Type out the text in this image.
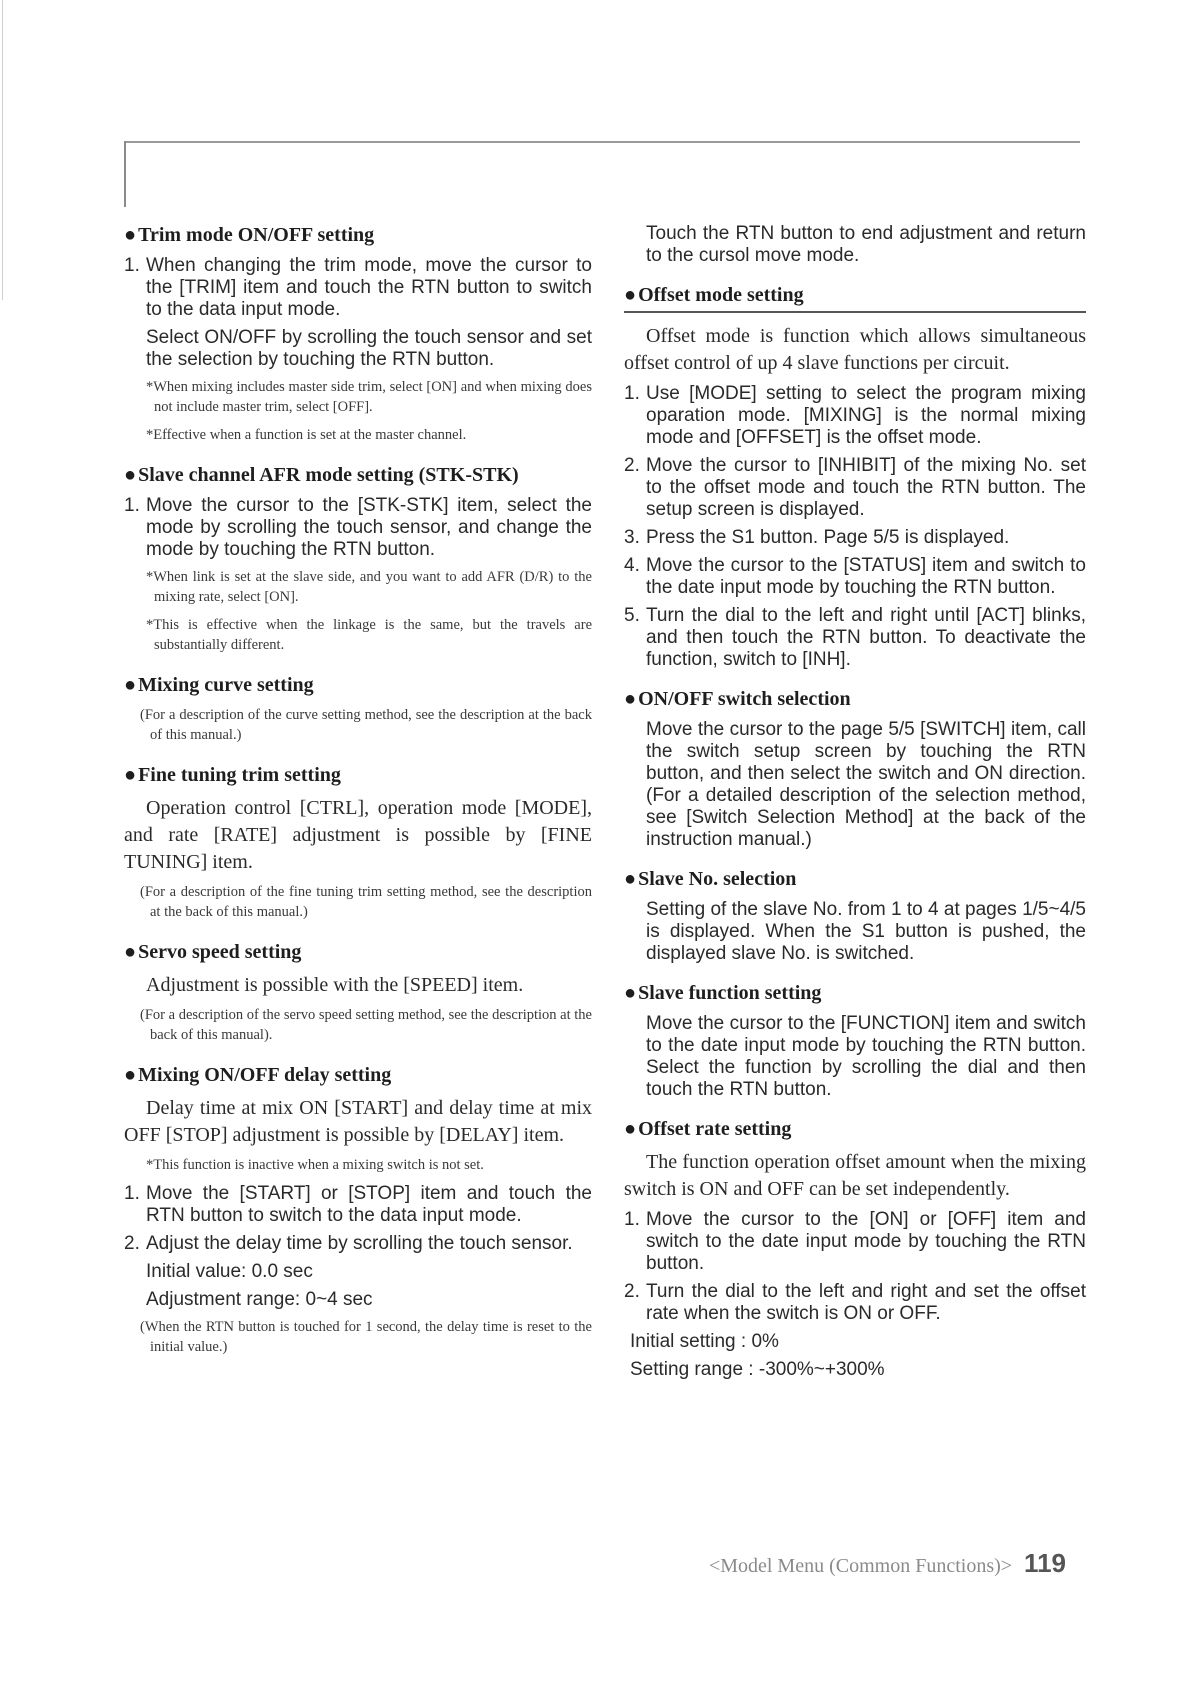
● Trim mode ON/OFF setting
1. When changing the trim mode, move the cursor to the [TRIM] item and touch the RTN button to switch to the data input mode.
Select ON/OFF by scrolling the touch sensor and set the selection by touching the RTN button.
*When mixing includes master side trim, select [ON] and when mixing does not include master trim, select [OFF].
*Effective when a function is set at the master channel.
● Slave channel AFR mode setting (STK-STK)
1. Move the cursor to the [STK-STK] item, select the mode by scrolling the touch sensor, and change the mode by touching the RTN button.
*When link is set at the slave side, and you want to add AFR (D/R) to the mixing rate, select [ON].
*This is effective when the linkage is the same, but the travels are substantially different.
● Mixing curve setting
(For a description of the curve setting method, see the description at the back of this manual.)
● Fine tuning trim setting
Operation control [CTRL], operation mode [MODE], and rate [RATE] adjustment is possible by [FINE TUNING] item.
(For a description of the fine tuning trim setting method, see the description at the back of this manual.)
● Servo speed setting
Adjustment is possible with the [SPEED] item.
(For a description of the servo speed setting method, see the description at the back of this manual).
● Mixing ON/OFF delay setting
Delay time at mix ON [START] and delay time at mix OFF [STOP] adjustment is possible by [DELAY] item.
*This function is inactive when a mixing switch is not set.
1. Move the [START] or [STOP] item and touch the RTN button to switch to the data input mode.
2. Adjust the delay time by scrolling the touch sensor.
Initial value: 0.0 sec
Adjustment range: 0~4 sec
(When the RTN button is touched for 1 second, the delay time is reset to the initial value.)
Touch the RTN button to end adjustment and return to the cursol move mode.
● Offset mode setting
Offset mode is function which allows simultaneous offset control of up 4 slave functions per circuit.
1. Use [MODE] setting to select the program mixing oparation mode. [MIXING] is the normal mixing mode and [OFFSET] is the offset mode.
2. Move the cursor to [INHIBIT] of the mixing No. set to the offset mode and touch the RTN button. The setup screen is displayed.
3. Press the S1 button. Page 5/5 is displayed.
4. Move the cursor to the [STATUS] item and switch to the date input mode by touching the RTN button.
5. Turn the dial to the left and right until [ACT] blinks, and then touch the RTN button. To deactivate the function, switch to [INH].
● ON/OFF switch selection
Move the cursor to the page 5/5 [SWITCH] item, call the switch setup screen by touching the RTN button, and then select the switch and ON direction. (For a detailed description of the selection method, see [Switch Selection Method] at the back of the instruction manual.)
● Slave No. selection
Setting of the slave No. from 1 to 4 at pages 1/5~4/5 is displayed. When the S1 button is pushed, the displayed slave No. is switched.
● Slave function setting
Move the cursor to the [FUNCTION] item and switch to the date input mode by touching the RTN button. Select the function by scrolling the dial and then touch the RTN button.
● Offset rate setting
The function operation offset amount when the mixing switch is ON and OFF can be set independently.
1. Move the cursor to the [ON] or [OFF] item and switch to the date input mode by touching the RTN button.
2. Turn the dial to the left and right and set the offset rate when the switch is ON or OFF.
Initial setting : 0%
Setting range : -300%~+300%
<Model Menu (Common Functions)> 119
